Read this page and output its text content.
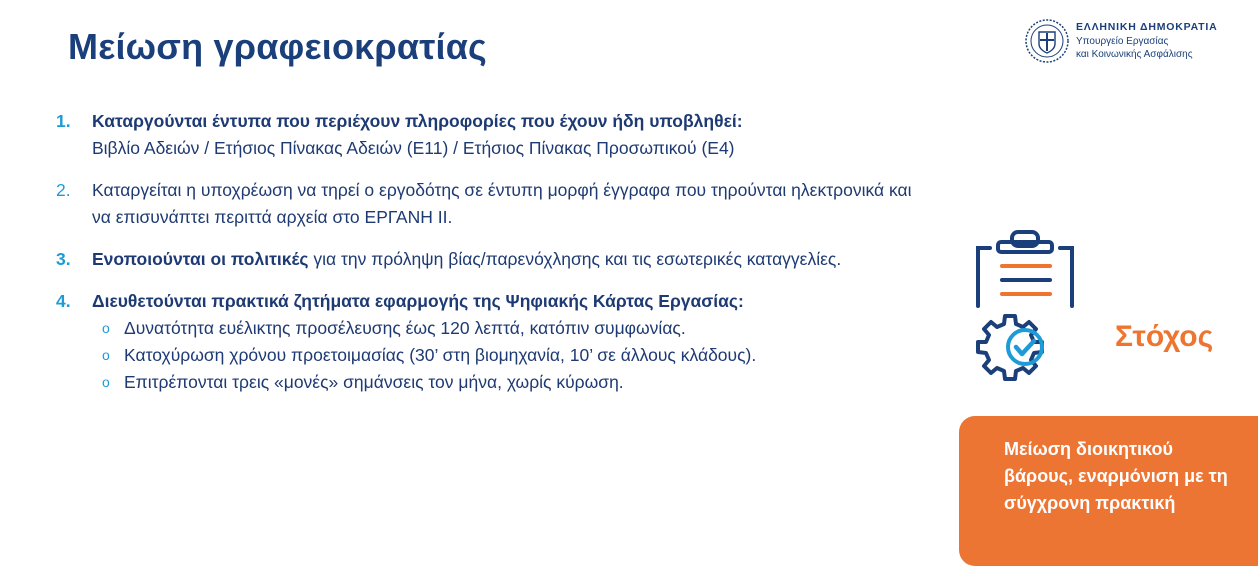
Μείωση γραφειοκρατίας	ΕΛΛΗΝΙΚΗ ΔΗΜΟΚΡΑΤΙΑ
Υπουργείο Εργασίας
και Κοινωνικής Ασφάλισης
1. Καταργούνται έντυπα που περιέχουν πληροφορίες που έχουν ήδη υποβληθεί:
Βιβλίο Αδειών / Ετήσιος Πίνακας Αδειών (Ε11) / Ετήσιος Πίνακας Προσωπικού (Ε4)
2. Καταργείται η υποχρέωση να τηρεί ο εργοδότης σε έντυπη μορφή έγγραφα που τηρούνται ηλεκτρονικά και να επισυνάπτει περιττά αρχεία στο ΕΡΓΑΝΗ ΙΙ.
3. Ενοποιούνται οι πολιτικές για την πρόληψη βίας/παρενόχλησης και τις εσωτερικές καταγγελίες.
4. Διευθετούνται πρακτικά ζητήματα εφαρμογής της Ψηφιακής Κάρτας Εργασίας:
o Δυνατότητα ευέλικτης προσέλευσης έως 120 λεπτά, κατόπιν συμφωνίας.
o Κατοχύρωση χρόνου προετοιμασίας (30’ στη βιομηχανία, 10’ σε άλλους κλάδους).
o Επιτρέπονται τρεις «μονές» σημάνσεις τον μήνα, χωρίς κύρωση.
Στόχος
Μείωση διοικητικού βάρους, εναρμόνιση με τη σύγχρονη πρακτική
